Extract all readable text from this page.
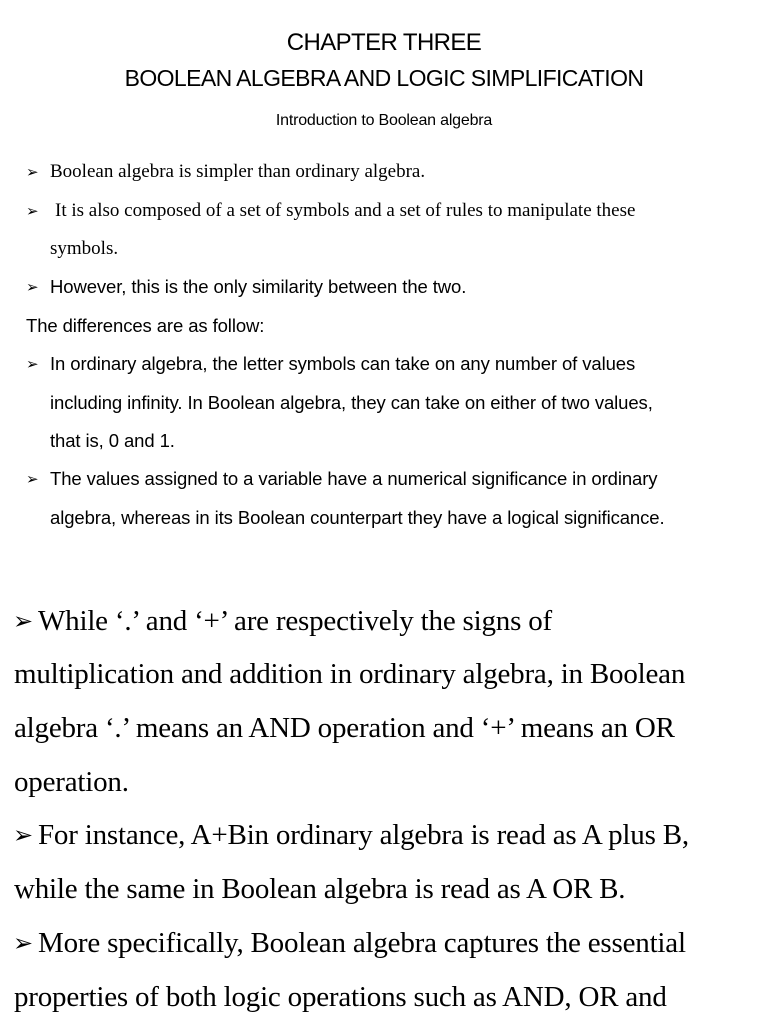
CHAPTER THREE
BOOLEAN ALGEBRA AND LOGIC SIMPLIFICATION
Introduction to Boolean algebra
➢ Boolean algebra is simpler than ordinary algebra.
➢ It is also composed of a set of symbols and a set of rules to manipulate these
symbols.
➢ However, this is the only similarity between the two.
The differences are as follow:
➢ In ordinary algebra, the letter symbols can take on any number of values
including infinity. In Boolean algebra, they can take on either of two values,
that is, 0 and 1.
➢ The values assigned to a variable have a numerical significance in ordinary
algebra, whereas in its Boolean counterpart they have a logical significance.
➢ While ‘.’ and ‘+’ are respectively the signs of
multiplication and addition in ordinary algebra, in Boolean
algebra ‘.’ means an AND operation and ‘+’ means an OR
operation.
➢ For instance, A+Bin ordinary algebra is read as A plus B,
while the same in Boolean algebra is read as A OR B.
➢ More specifically, Boolean algebra captures the essential
properties of both logic operations such as AND, OR and
